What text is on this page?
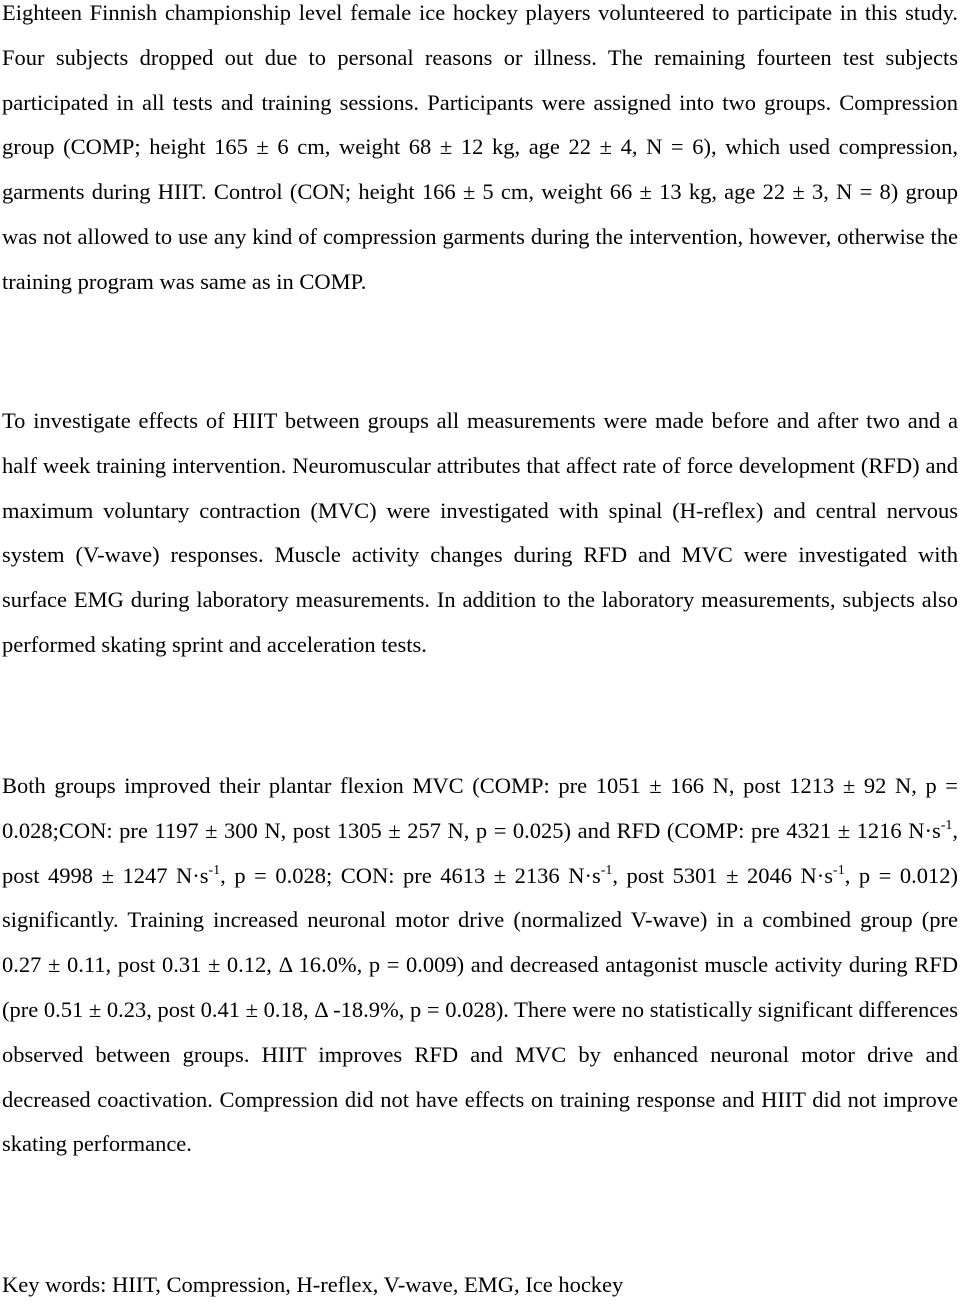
Eighteen Finnish championship level female ice hockey players volunteered to participate in this study. Four subjects dropped out due to personal reasons or illness. The remaining fourteen test subjects participated in all tests and training sessions. Participants were assigned into two groups. Compression group (COMP; height 165 ± 6 cm, weight 68 ± 12 kg, age 22 ± 4, N = 6), which used compression, garments during HIIT. Control (CON; height 166 ± 5 cm, weight 66 ± 13 kg, age 22 ± 3, N = 8) group was not allowed to use any kind of compression garments during the intervention, however, otherwise the training program was same as in COMP.

To investigate effects of HIIT between groups all measurements were made before and after two and a half week training intervention. Neuromuscular attributes that affect rate of force development (RFD) and maximum voluntary contraction (MVC) were investigated with spinal (H-reflex) and central nervous system (V-wave) responses. Muscle activity changes during RFD and MVC were investigated with surface EMG during laboratory measurements. In addition to the laboratory measurements, subjects also performed skating sprint and acceleration tests.

Both groups improved their plantar flexion MVC (COMP: pre 1051 ± 166 N, post 1213 ± 92 N, p = 0.028;CON: pre 1197 ± 300 N, post 1305 ± 257 N, p = 0.025) and RFD (COMP: pre 4321 ± 1216 $N\cdot s^{-1}$, post 4998 ± 1247 $N\cdot s^{-1}$, p = 0.028; CON: pre 4613 ± 2136 $N\cdot s^{-1}$, post 5301 ± 2046 $N\cdot s^{-1}$, p = 0.012) significantly. Training increased neuronal motor drive (normalized V-wave) in a combined group (pre 0.27 ± 0.11, post 0.31 ± 0.12, Δ 16.0%, p = 0.009) and decreased antagonist muscle activity during RFD (pre 0.51 ± 0.23, post 0.41 ± 0.18, Δ -18.9%, p = 0.028). There were no statistically significant differences observed between groups. HIIT improves RFD and MVC by enhanced neuronal motor drive and decreased coactivation. Compression did not have effects on training response and HIIT did not improve skating performance.

Key words: HIIT, Compression, H-reflex, V-wave, EMG, Ice hockey
